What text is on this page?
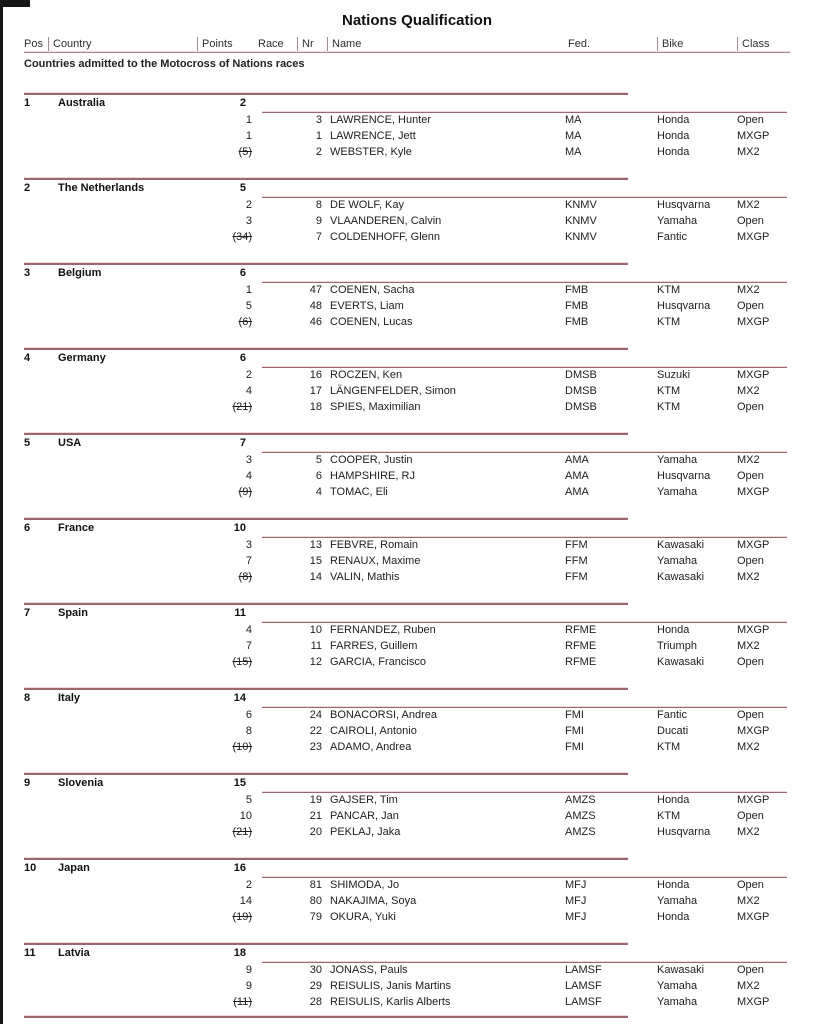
Nations Qualification
Pos Country	Points	Race	Nr	Name	Fed.	Bike	Class
Countries admitted to the Motocross of Nations races
1	Australia	2
1	3 LAWRENCE, Hunter	MA	Honda	Open
1	1 LAWRENCE, Jett	MA	Honda	MXGP
(5)	2 WEBSTER, Kyle	MA	Honda	MX2
2	The Netherlands	5
2	8 DE WOLF, Kay	KNMV	Husqvarna	MX2
3	9 VLAANDEREN, Calvin	KNMV	Yamaha	Open
(34)	7 COLDENHOFF, Glenn	KNMV	Fantic	MXGP
3	Belgium	6
1	47 COENEN, Sacha	FMB	KTM	MX2
5	48 EVERTS, Liam	FMB	Husqvarna	Open
(6)	46 COENEN, Lucas	FMB	KTM	MXGP
4	Germany	6
2	16 ROCZEN, Ken	DMSB	Suzuki	MXGP
4	17 LÄNGENFELDER, Simon	DMSB	KTM	MX2
(21)	18 SPIES, Maximilian	DMSB	KTM	Open
5	USA	7
3	5 COOPER, Justin	AMA	Yamaha	MX2
4	6 HAMPSHIRE, RJ	AMA	Husqvarna	Open
(9)	4 TOMAC, Eli	AMA	Yamaha	MXGP
6	France	10
3	13 FEBVRE, Romain	FFM	Kawasaki	MXGP
7	15 RENAUX, Maxime	FFM	Yamaha	Open
(8)	14 VALIN, Mathis	FFM	Kawasaki	MX2
7	Spain	11
4	10 FERNANDEZ, Ruben	RFME	Honda	MXGP
7	11 FARRES, Guillem	RFME	Triumph	MX2
(15)	12 GARCIA, Francisco	RFME	Kawasaki	Open
8	Italy	14
6	24 BONACORSI, Andrea	FMI	Fantic	Open
8	22 CAIROLI, Antonio	FMI	Ducati	MXGP
(10)	23 ADAMO, Andrea	FMI	KTM	MX2
9	Slovenia	15
5	19 GAJSER, Tim	AMZS	Honda	MXGP
10	21 PANCAR, Jan	AMZS	KTM	Open
(21)	20 PEKLAJ, Jaka	AMZS	Husqvarna	MX2
10	Japan	16
2	81 SHIMODA, Jo	MFJ	Honda	Open
14	80 NAKAJIMA, Soya	MFJ	Yamaha	MX2
(19)	79 OKURA, Yuki	MFJ	Honda	MXGP
11	Latvia	18
9	30 JONASS, Pauls	LAMSF	Kawasaki	Open
9	29 REISULIS, Janis Martins	LAMSF	Yamaha	MX2
(11)	28 REISULIS, Karlis Alberts	LAMSF	Yamaha	MXGP
